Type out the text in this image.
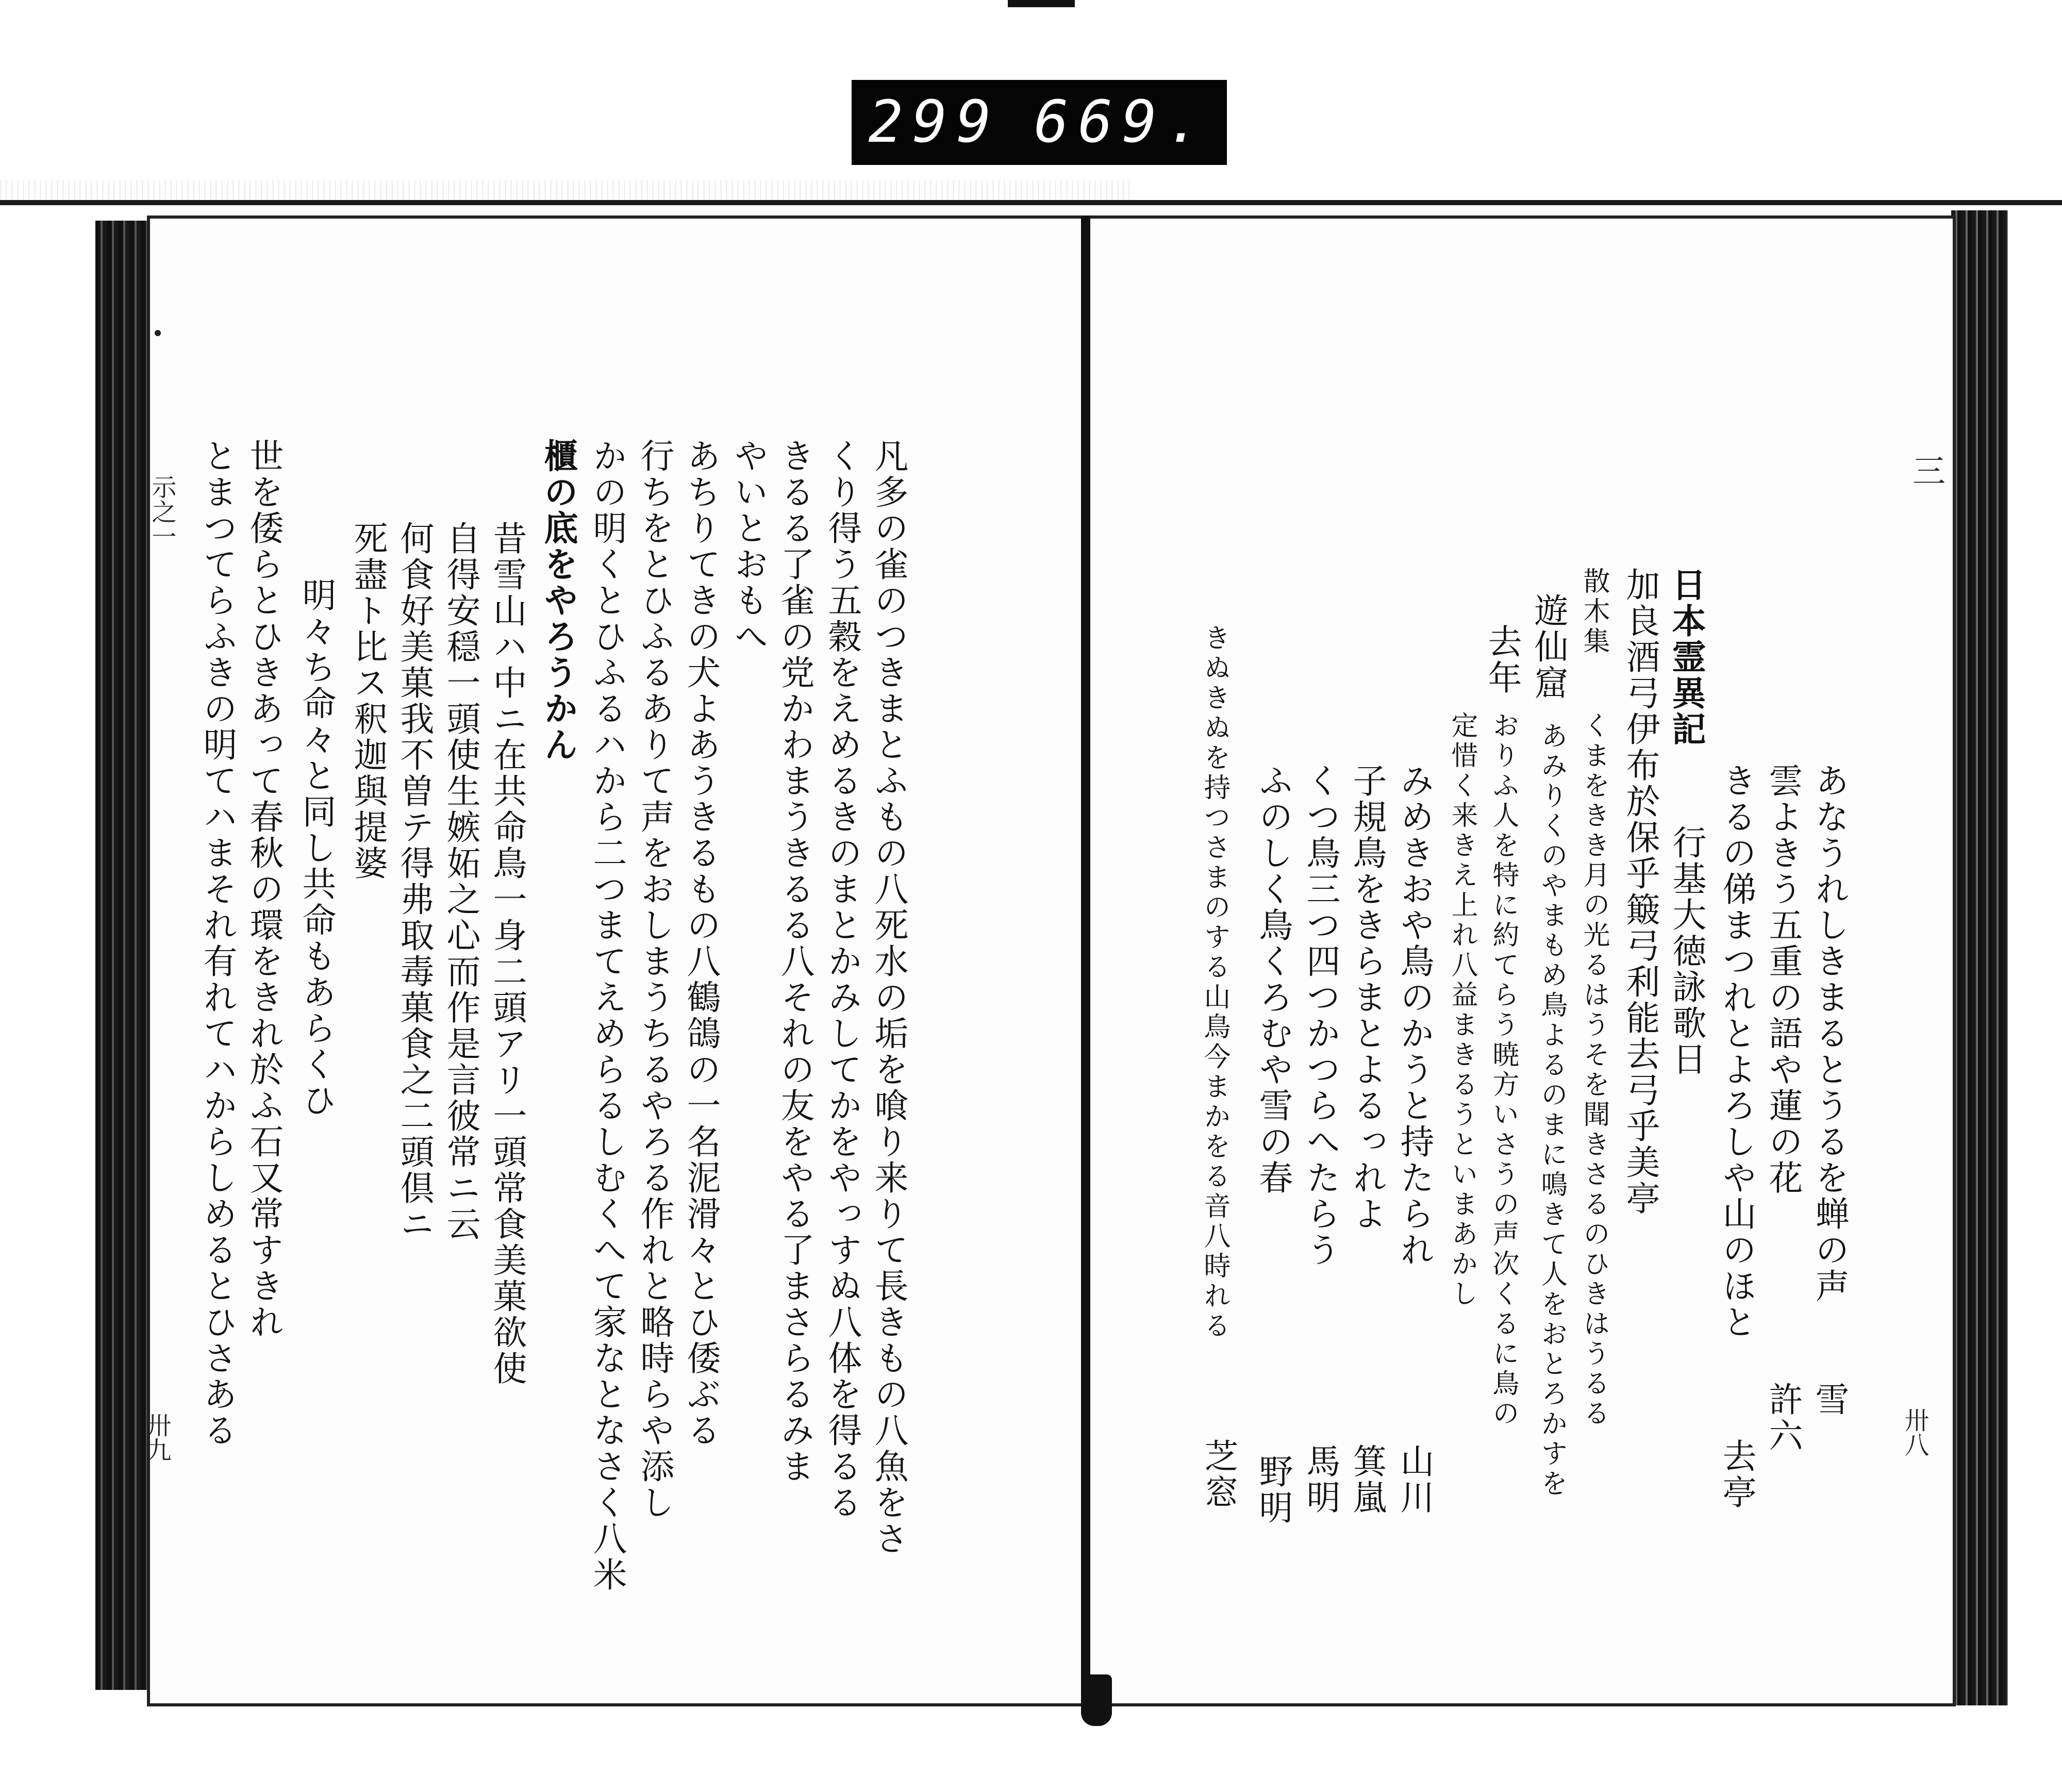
299 669.
凡多の雀のつきまとふもの八死水の垢を喰り来りて長きもの八魚をさ
くり得う五穀をえめるきのまとかみしてかをやっすぬ八体を得るる
きるる了雀の党かわまうきるる八それの友をやる了まさらるみま
やいとおもへ
あちりてきの犬よあうきるもの八鶴鴿の一名泥滑々とひ倭ぶる
行ちをとひふるありて声をおしまうちるやろる作れと略時らや添し
かの明くとひふるハから二つまてえめらるしむくへて家なとなさく八米
櫃の底をやろうかん
昔雪山ハ中ニ在共命鳥一身二頭アリ一頭常食美菓欲使
自得安穏一頭使生嫉妬之心而作是言彼常ニ云
何食好美菓我不曽テ得弗取毒菓食之二頭倶ニ
死盡ト比ス釈迦與提婆
明々ち命々と同し共命もあらくひ
世を倭らとひきあって春秋の環をきれ於ふ石又常すきれ
とまつてらふきの明てハまそれ有れてハからしめるとひさある
示之一
卅九
三
卅八
あなうれしきまるとうるを蝉の声
雲よきう五重の語や蓮の花
きるの俤まつれとよろしや山のほと
日本霊異記
行基大徳詠歌日
加良酒弓伊布於保乎簸弓利能去弓乎美亭
散木集
くまをきき月の光るはうそを聞きさるのひきはうるる
遊仙窟
あみりくのやまもめ鳥よるのまに鳴きて人をおとろかすを
去年
おりふ人を特に約てらう暁方いさうの声次くるに鳥の
定惜く来きえ上れ八益まきるうといまあかし
みめきおや鳥のかうと持たられ
子規鳥をきらまとよるっれよ
くつ鳥三つ四つかつらへたらう
ふのしく鳥くろむや雪の春
きぬきぬを持つさまのする山鳥今まかをる音八時れる
雪
許六
去亭
山川
箕嵐
馬明
野明
芝窓
